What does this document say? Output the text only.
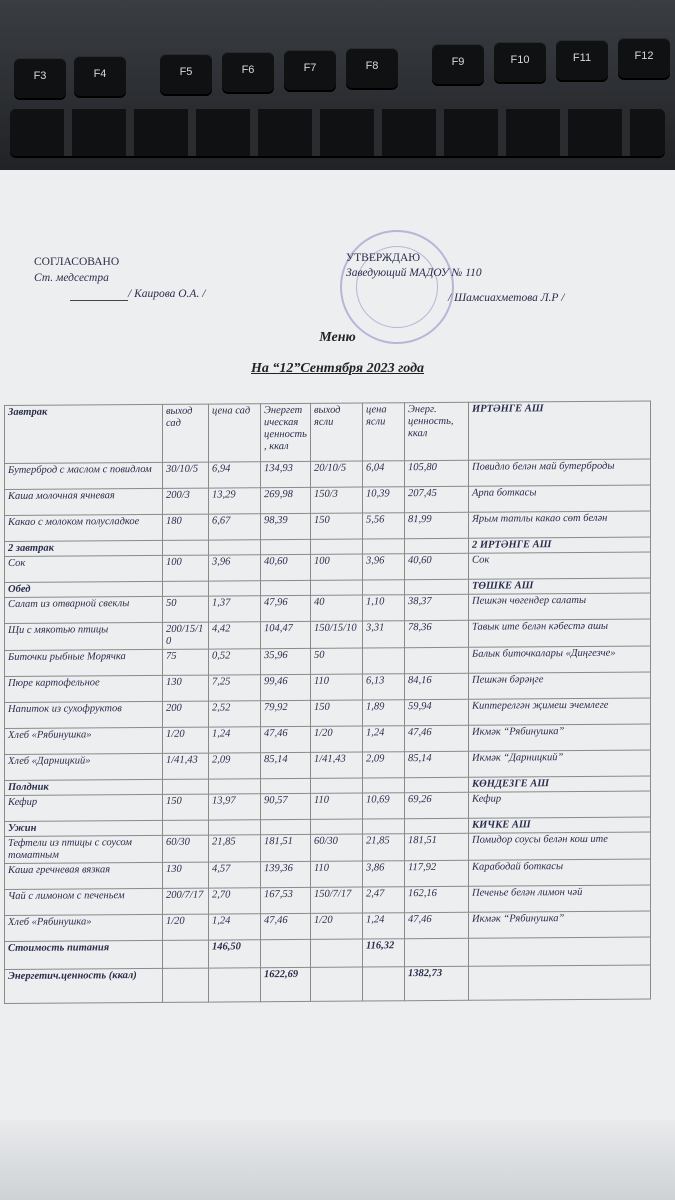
F3	F4	F5	F6	F7	F8	F9	F10	F11	F12
СОГЛАСОВАНО
Ст. медсестра
/ Каирова О.А. /
УТВЕРЖДАЮ
Заведующий МАДОУ № 110
/ Шамсиахметова Л.Р /
Меню
На “12”Сентября 2023 года
Завтрак	выход сад	цена сад	Энергетическая ценность, ккал	выход ясли	цена ясли	Энерг. ценность, ккал	ИРТӘНГЕ АШ
Бутерброд с маслом с повидлом	30/10/5	6,94	134,93	20/10/5	6,04	105,80	Повидло белән май бутерброды
Каша молочная ячневая	200/3	13,29	269,98	150/3	10,39	207,45	Арпа боткасы
Какао с молоком полусладкое	180	6,67	98,39	150	5,56	81,99	Ярым татлы какао сөт белән
2 завтрак							2 ИРТӘНГЕ АШ
Сок	100	3,96	40,60	100	3,96	40,60	Сок
Обед							ТӨШКЕ АШ
Салат из отварной свеклы	50	1,37	47,96	40	1,10	38,37	Пешкән чөгендер салаты
Щи с мякотью птицы	200/15/10	4,42	104,47	150/15/10	3,31	78,36	Тавык ите белән кәбестә ашы
Биточки рыбные Морячка	75	0,52	35,96	50			Балык биточкалары «Диңгезче»
Пюре картофельное	130	7,25	99,46	110	6,13	84,16	Пешкән бәрәңге
Напиток из сухофруктов	200	2,52	79,92	150	1,89	59,94	Киптерелгән җимеш эчемлеге
Хлеб «Рябинушка»	1/20	1,24	47,46	1/20	1,24	47,46	Икмәк “Рябинушка”
Хлеб «Дарницкий»	1/41,43	2,09	85,14	1/41,43	2,09	85,14	Икмәк “Дарницкий”
Полдник							КӨНДЕЗГЕ АШ
Кефир	150	13,97	90,57	110	10,69	69,26	Кефир
Ужин							КИЧКЕ АШ
Тефтели из птицы с соусом томатным	60/30	21,85	181,51	60/30	21,85	181,51	Помидор соусы белән кош ите
Каша гречневая вязкая	130	4,57	139,36	110	3,86	117,92	Карабодай боткасы
Чай с лимоном с печеньем	200/7/17	2,70	167,53	150/7/17	2,47	162,16	Печенье белән лимон чәй
Хлеб «Рябинушка»	1/20	1,24	47,46	1/20	1,24	47,46	Икмәк “Рябинушка”
Стоимость питания		146,50			116,32		
Энергетич.ценность (ккал)			1622,69			1382,73	
